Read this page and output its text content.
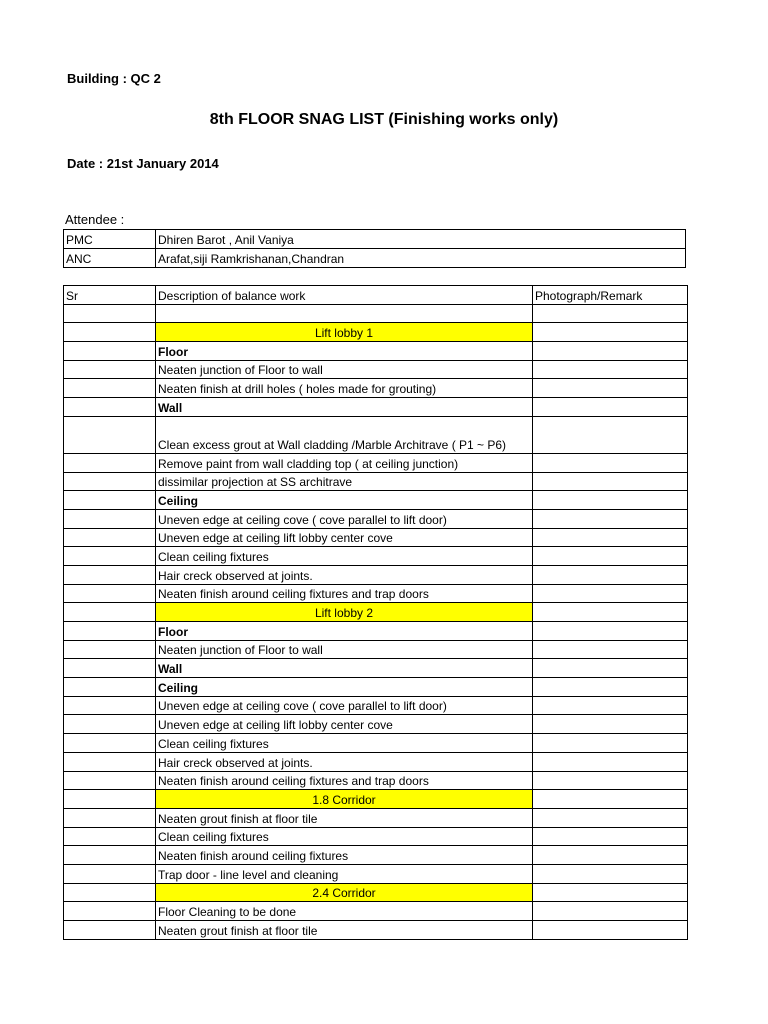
Building : QC 2
8th FLOOR SNAG LIST (Finishing works only)
Date : 21st January 2014
Attendee :
PMC	Dhiren Barot , Anil Vaniya
ANC	Arafat,siji Ramkrishanan,Chandran
Sr	Description of balance work	Photograph/Remark

	Lift lobby 1	
	Floor	
	Neaten junction of Floor to wall	
	Neaten finish at drill holes ( holes made for grouting)	
	Wall	
	Clean excess grout at Wall cladding /Marble Architrave ( P1 ~ P6)	
	Remove paint from wall cladding top ( at ceiling junction)	
	dissimilar projection at SS architrave	
	Ceiling	
	Uneven edge at ceiling cove ( cove parallel to lift door)	
	Uneven edge at ceiling lift lobby center cove	
	Clean ceiling fixtures	
	Hair creck observed at joints.	
	Neaten finish around ceiling fixtures and trap doors	
	Lift lobby 2	
	Floor	
	Neaten junction of Floor to wall	
	Wall	
	Ceiling	
	Uneven edge at ceiling cove ( cove parallel to lift door)	
	Uneven edge at ceiling lift lobby center cove	
	Clean ceiling fixtures	
	Hair creck observed at joints.	
	Neaten finish around ceiling fixtures and trap doors	
	1.8 Corridor	
	Neaten grout finish at floor tile	
	Clean ceiling fixtures	
	Neaten finish around ceiling fixtures	
	Trap door - line level and cleaning	
	2.4 Corridor	
	Floor Cleaning to be done	
	Neaten grout finish at floor tile	
